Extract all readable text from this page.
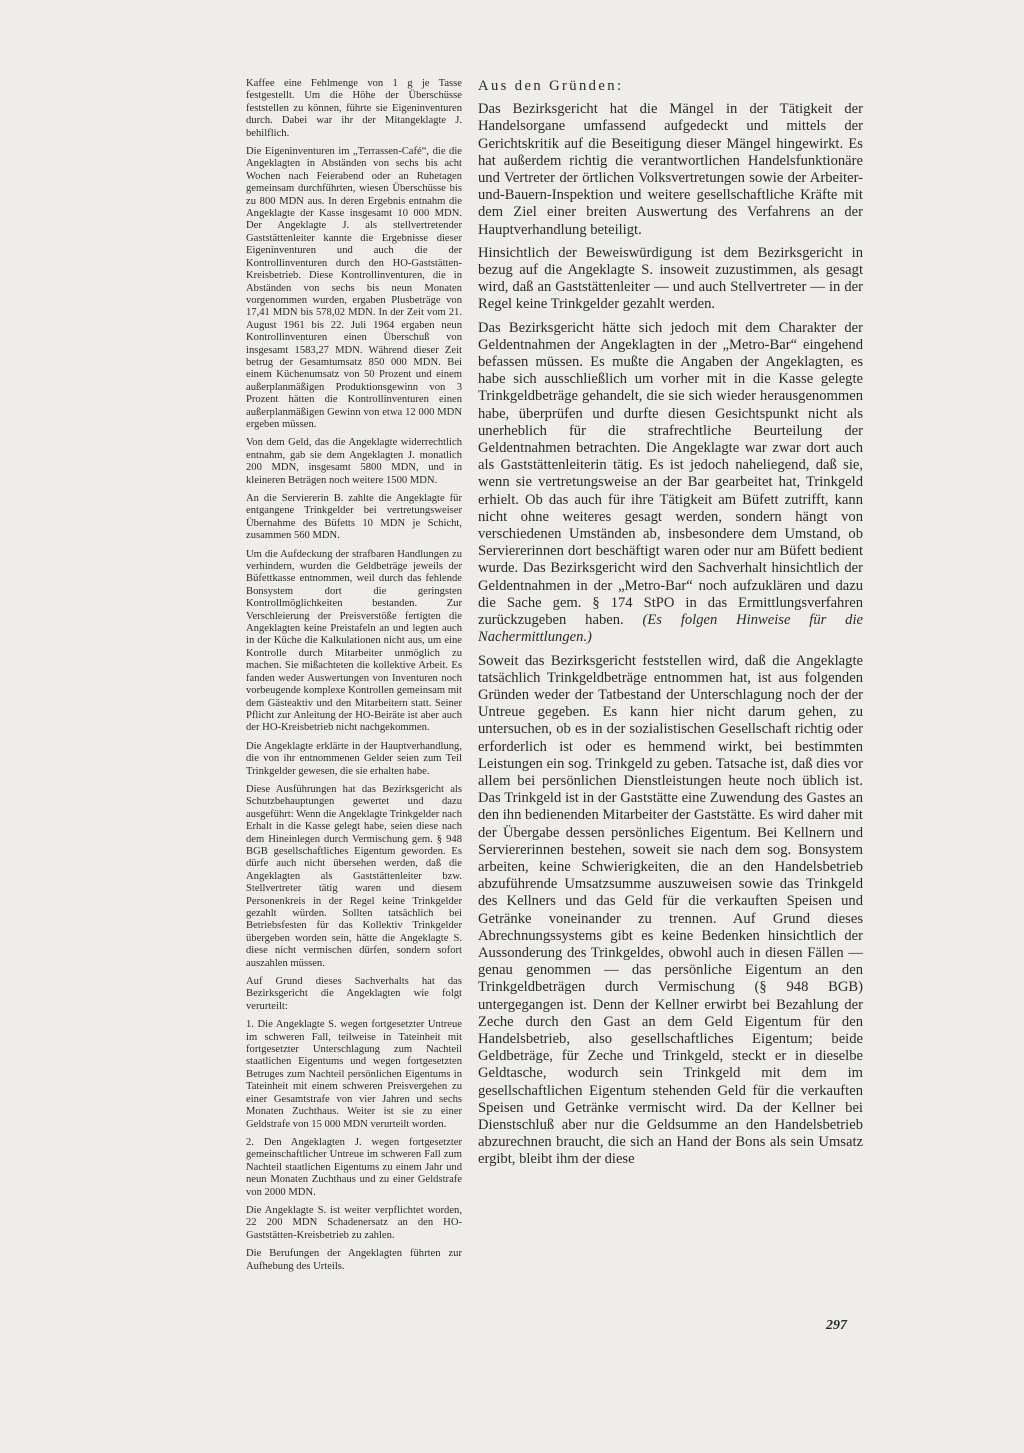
Kaffee eine Fehlmenge von 1 g je Tasse festgestellt. Um die Höhe der Überschüsse feststellen zu können, führte sie Eigeninventuren durch. Dabei war ihr der Mitangeklagte J. behilflich.

Die Eigeninventuren im „Terrassen-Café“, die die Angeklagten in Abständen von sechs bis acht Wochen nach Feierabend oder an Ruhetagen gemeinsam durchführten, wiesen Überschüsse bis zu 800 MDN aus. In deren Ergebnis entnahm die Angeklagte der Kasse insgesamt 10 000 MDN. Der Angeklagte J. als stellvertretender Gaststättenleiter kannte die Ergebnisse dieser Eigeninventuren und auch die der Kontrollinventuren durch den HO-Gaststätten-Kreisbetrieb. Diese Kontrollinventuren, die in Abständen von sechs bis neun Monaten vorgenommen wurden, ergaben Plusbeträge von 17,41 MDN bis 578,02 MDN. In der Zeit vom 21. August 1961 bis 22. Juli 1964 ergaben neun Kontrollinventuren einen Überschuß von insgesamt 1583,27 MDN. Während dieser Zeit betrug der Gesamtumsatz 850 000 MDN. Bei einem Küchenumsatz von 50 Prozent und einem außerplanmäßigen Produktionsgewinn von 3 Prozent hätten die Kontrollinventuren einen außerplanmäßigen Gewinn von etwa 12 000 MDN ergeben müssen.

Von dem Geld, das die Angeklagte widerrechtlich entnahm, gab sie dem Angeklagten J. monatlich 200 MDN, insgesamt 5800 MDN, und in kleineren Beträgen noch weitere 1500 MDN.

An die Serviererin B. zahlte die Angeklagte für entgangene Trinkgelder bei vertretungsweiser Übernahme des Büfetts 10 MDN je Schicht, zusammen 560 MDN.

Um die Aufdeckung der strafbaren Handlungen zu verhindern, wurden die Geldbeträge jeweils der Büfettkasse entnommen, weil durch das fehlende Bonsystem dort die geringsten Kontrollmöglichkeiten bestanden. Zur Verschleierung der Preisverstöße fertigten die Angeklagten keine Preistafeln an und legten auch in der Küche die Kalkulationen nicht aus, um eine Kontrolle durch Mitarbeiter unmöglich zu machen. Sie mißachteten die kollektive Arbeit. Es fanden weder Auswertungen von Inventuren noch vorbeugende komplexe Kontrollen gemeinsam mit dem Gästeaktiv und den Mitarbeitern statt. Seiner Pflicht zur Anleitung der HO-Beiräte ist aber auch der HO-Kreisbetrieb nicht nachgekommen.

Die Angeklagte erklärte in der Hauptverhandlung, die von ihr entnommenen Gelder seien zum Teil Trinkgelder gewesen, die sie erhalten habe.

Diese Ausführungen hat das Bezirksgericht als Schutzbehauptungen gewertet und dazu ausgeführt: Wenn die Angeklagte Trinkgelder nach Erhalt in die Kasse gelegt habe, seien diese nach dem Hineinlegen durch Vermischung gem. § 948 BGB gesellschaftliches Eigentum geworden. Es dürfe auch nicht übersehen werden, daß die Angeklagten als Gaststättenleiter bzw. Stellvertreter tätig waren und diesem Personenkreis in der Regel keine Trinkgelder gezahlt würden. Sollten tatsächlich bei Betriebsfesten für das Kollektiv Trinkgelder übergeben worden sein, hätte die Angeklagte S. diese nicht vermischen dürfen, sondern sofort auszahlen müssen.

Auf Grund dieses Sachverhalts hat das Bezirksgericht die Angeklagten wie folgt verurteilt:

1. Die Angeklagte S. wegen fortgesetzter Untreue im schweren Fall, teilweise in Tateinheit mit fortgesetzter Unterschlagung zum Nachteil staatlichen Eigentums und wegen fortgesetzten Betruges zum Nachteil persönlichen Eigentums in Tateinheit mit einem schweren Preisvergehen zu einer Gesamtstrafe von vier Jahren und sechs Monaten Zuchthaus. Weiter ist sie zu einer Geldstrafe von 15 000 MDN verurteilt worden.

2. Den Angeklagten J. wegen fortgesetzter gemeinschaftlicher Untreue im schweren Fall zum Nachteil staatlichen Eigentums zu einem Jahr und neun Monaten Zuchthaus und zu einer Geldstrafe von 2000 MDN.

Die Angeklagte S. ist weiter verpflichtet worden, 22 200 MDN Schadenersatz an den HO-Gaststätten-Kreisbetrieb zu zahlen.

Die Berufungen der Angeklagten führten zur Aufhebung des Urteils.

Aus den Gründen:

Das Bezirksgericht hat die Mängel in der Tätigkeit der Handelsorgane umfassend aufgedeckt und mittels der Gerichtskritik auf die Beseitigung dieser Mängel hingewirkt. Es hat außerdem richtig die verantwortlichen Handelsfunktionäre und Vertreter der örtlichen Volksvertretungen sowie der Arbeiter-und-Bauern-Inspektion und weitere gesellschaftliche Kräfte mit dem Ziel einer breiten Auswertung des Verfahrens an der Hauptverhandlung beteiligt.

Hinsichtlich der Beweiswürdigung ist dem Bezirksgericht in bezug auf die Angeklagte S. insoweit zuzustimmen, als gesagt wird, daß an Gaststättenleiter — und auch Stellvertreter — in der Regel keine Trinkgelder gezahlt werden.

Das Bezirksgericht hätte sich jedoch mit dem Charakter der Geldentnahmen der Angeklagten in der „Metro-Bar“ eingehend befassen müssen. Es mußte die Angaben der Angeklagten, es habe sich ausschließlich um vorher mit in die Kasse gelegte Trinkgeldbeträge gehandelt, die sie sich wieder herausgenommen habe, überprüfen und durfte diesen Gesichtspunkt nicht als unerheblich für die strafrechtliche Beurteilung der Geldentnahmen betrachten. Die Angeklagte war zwar dort auch als Gaststättenleiterin tätig. Es ist jedoch naheliegend, daß sie, wenn sie vertretungsweise an der Bar gearbeitet hat, Trinkgeld erhielt. Ob das auch für ihre Tätigkeit am Büfett zutrifft, kann nicht ohne weiteres gesagt werden, sondern hängt von verschiedenen Umständen ab, insbesondere dem Umstand, ob Serviererinnen dort beschäftigt waren oder nur am Büfett bedient wurde. Das Bezirksgericht wird den Sachverhalt hinsichtlich der Geldentnahmen in der „Metro-Bar“ noch aufzuklären und dazu die Sache gem. § 174 StPO in das Ermittlungsverfahren zurückzugeben haben. (Es folgen Hinweise für die Nachermittlungen.)

Soweit das Bezirksgericht feststellen wird, daß die Angeklagte tatsächlich Trinkgeldbeträge entnommen hat, ist aus folgenden Gründen weder der Tatbestand der Unterschlagung noch der der Untreue gegeben. Es kann hier nicht darum gehen, zu untersuchen, ob es in der sozialistischen Gesellschaft richtig oder erforderlich ist oder es hemmend wirkt, bei bestimmten Leistungen ein sog. Trinkgeld zu geben. Tatsache ist, daß dies vor allem bei persönlichen Dienstleistungen heute noch üblich ist. Das Trinkgeld ist in der Gaststätte eine Zuwendung des Gastes an den ihn bedienenden Mitarbeiter der Gaststätte. Es wird daher mit der Übergabe dessen persönliches Eigentum. Bei Kellnern und Serviererinnen bestehen, soweit sie nach dem sog. Bonsystem arbeiten, keine Schwierigkeiten, die an den Handelsbetrieb abzuführende Umsatzsumme auszuweisen sowie das Trinkgeld des Kellners und das Geld für die verkauften Speisen und Getränke voneinander zu trennen. Auf Grund dieses Abrechnungssystems gibt es keine Bedenken hinsichtlich der Aussonderung des Trinkgeldes, obwohl auch in diesen Fällen — genau genommen — das persönliche Eigentum an den Trinkgeldbeträgen durch Vermischung (§ 948 BGB) untergegangen ist. Denn der Kellner erwirbt bei Bezahlung der Zeche durch den Gast an dem Geld Eigentum für den Handelsbetrieb, also gesellschaftliches Eigentum; beide Geldbeträge, für Zeche und Trinkgeld, steckt er in dieselbe Geldtasche, wodurch sein Trinkgeld mit dem im gesellschaftlichen Eigentum stehenden Geld für die verkauften Speisen und Getränke vermischt wird. Da der Kellner bei Dienstschluß aber nur die Geldsumme an den Handelsbetrieb abzurechnen braucht, die sich an Hand der Bons als sein Umsatz ergibt, bleibt ihm der diese

297
